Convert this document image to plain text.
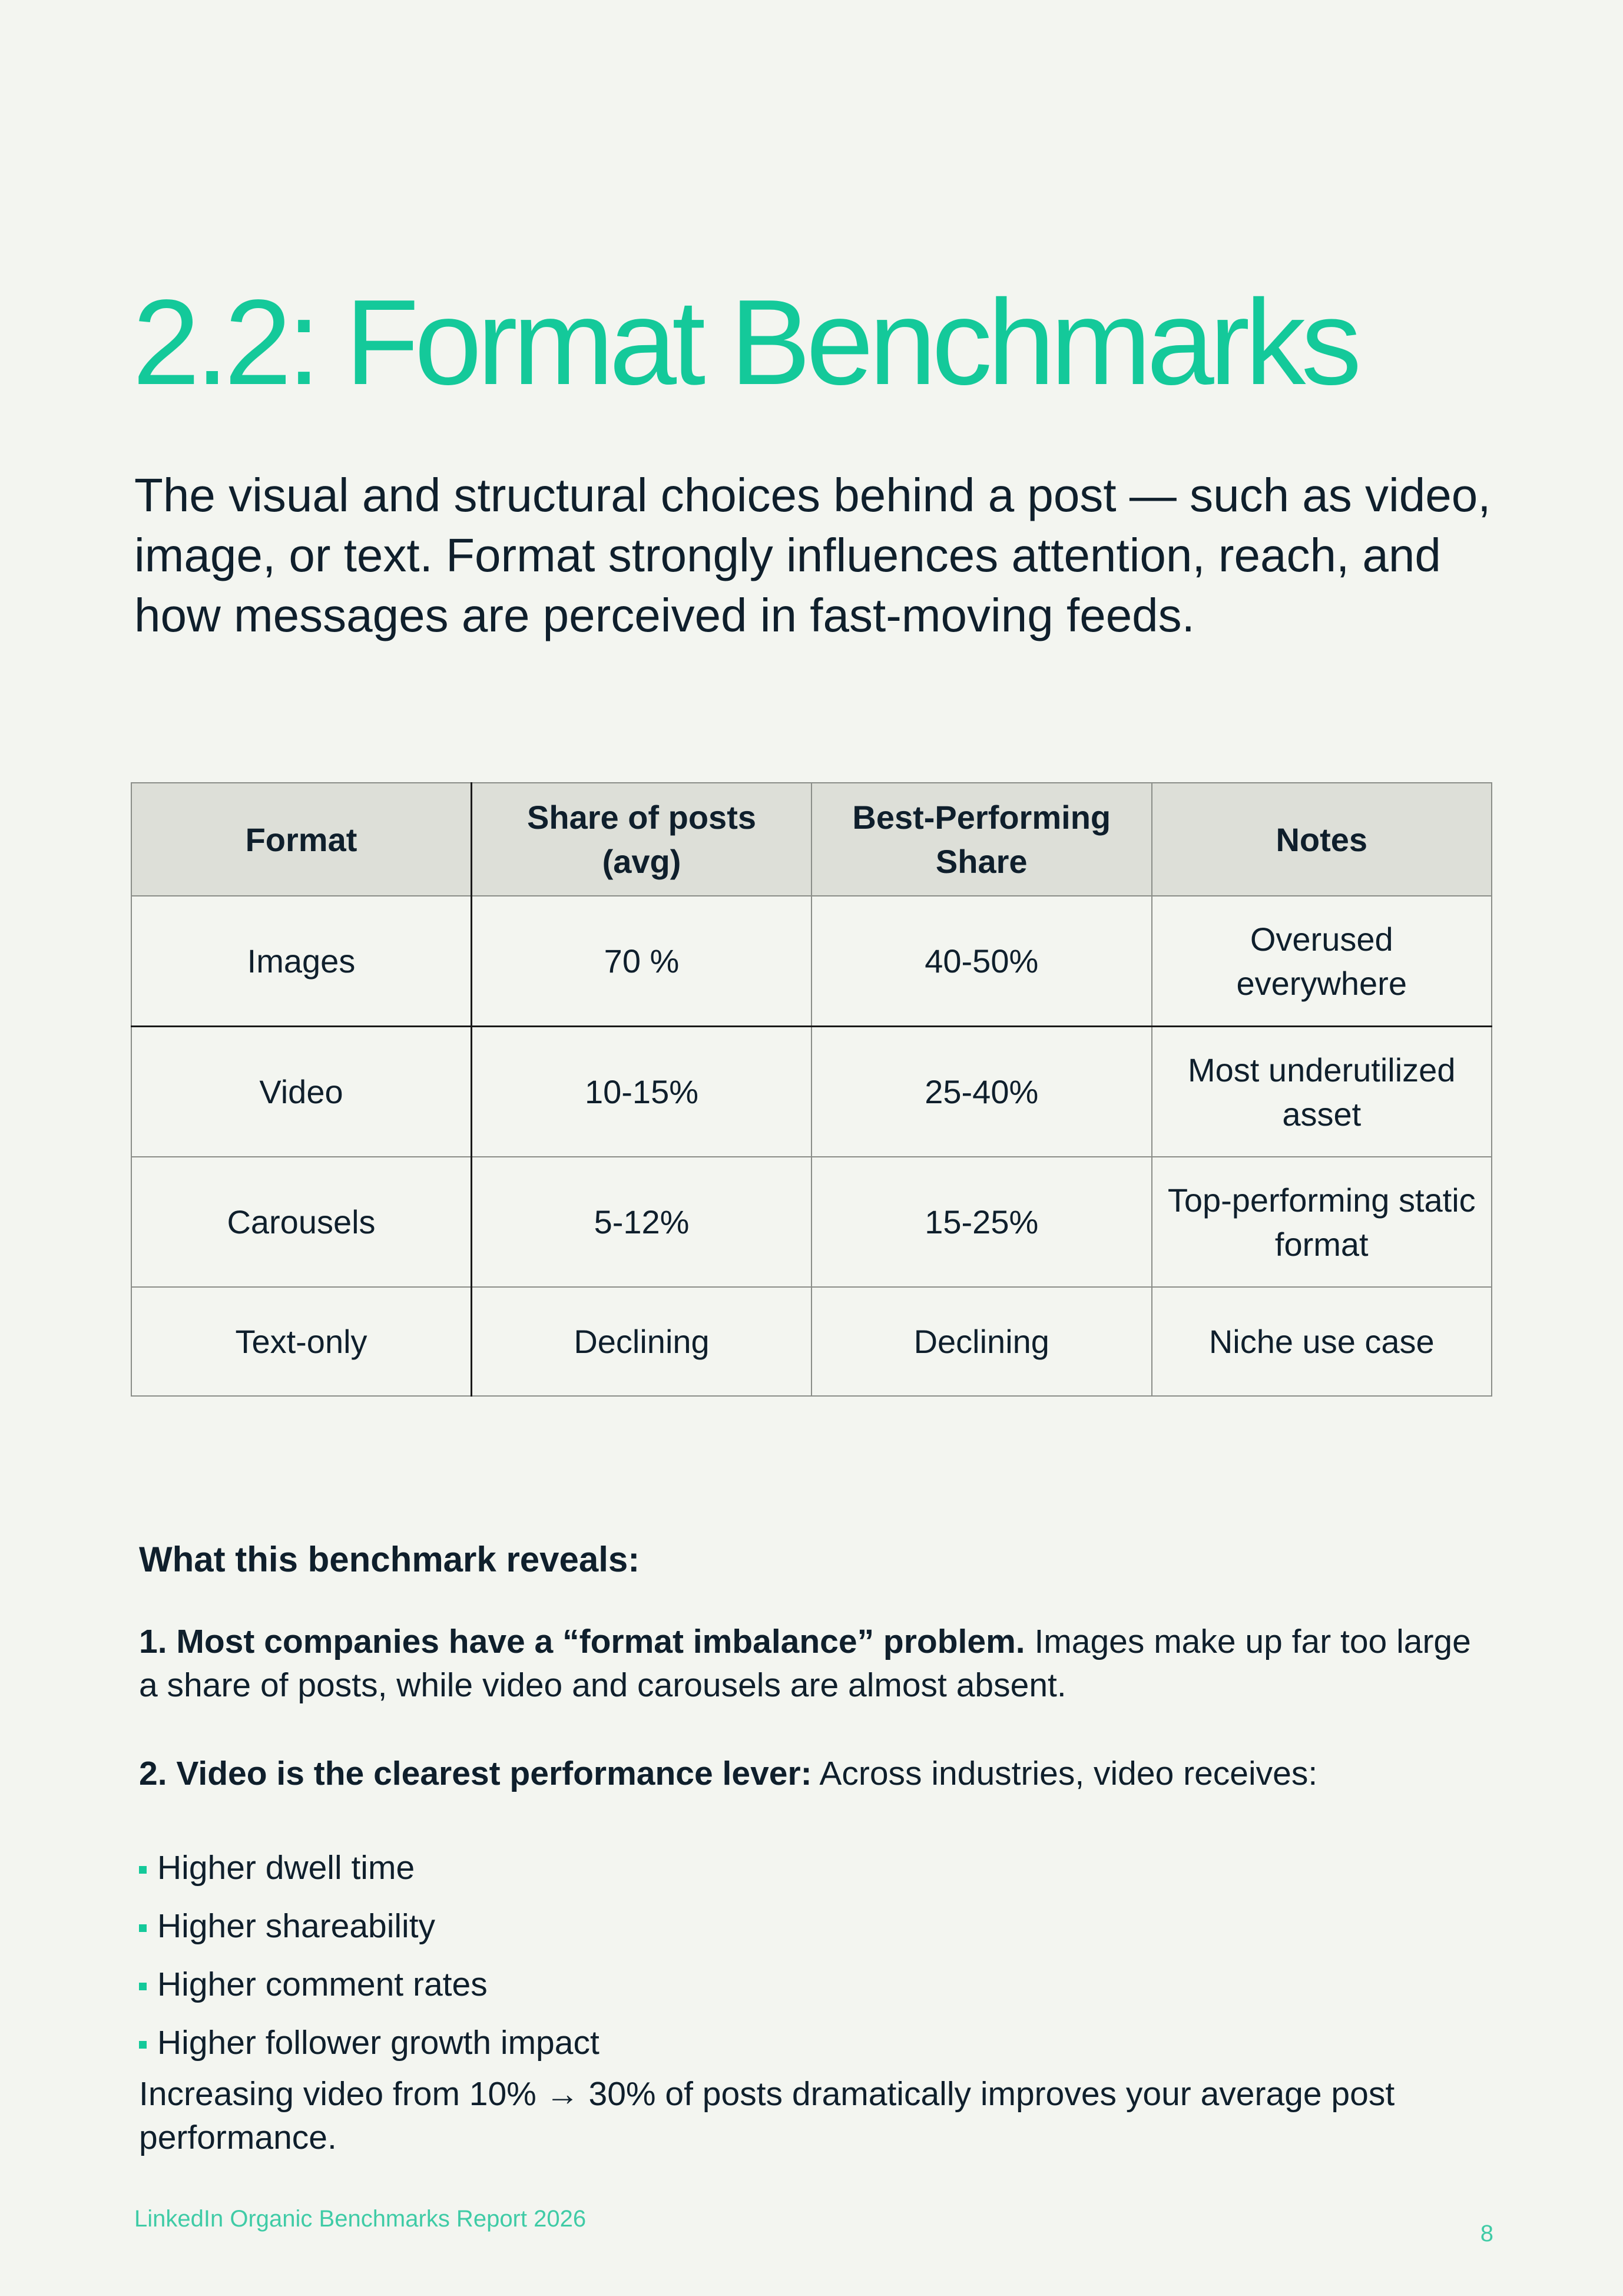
2.2: Format Benchmarks

The visual and structural choices behind a post — such as video, image, or text. Format strongly influences attention, reach, and how messages are perceived in fast-moving feeds.

Format	Share of posts (avg)	Best-Performing Share	Notes
Images	70 %	40-50%	Overused everywhere
Video	10-15%	25-40%	Most underutilized asset
Carousels	5-12%	15-25%	Top-performing static format
Text-only	Declining	Declining	Niche use case

What this benchmark reveals:

1. Most companies have a “format imbalance” problem. Images make up far too large a share of posts, while video and carousels are almost absent.

2. Video is the clearest performance lever: Across industries, video receives:

Higher dwell time
Higher shareability
Higher comment rates
Higher follower growth impact

Increasing video from 10% → 30% of posts dramatically improves your average post performance.

LinkedIn Organic Benchmarks Report 2026

8
